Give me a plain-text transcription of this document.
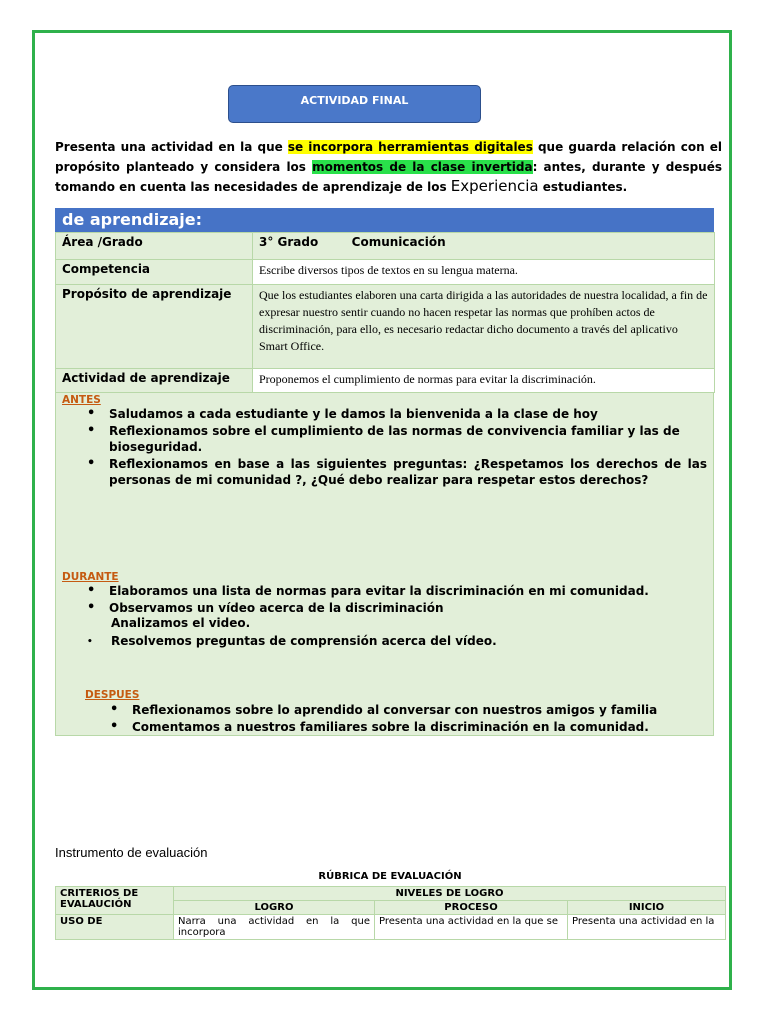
ACTIVIDAD FINAL
Presenta una actividad en la que se incorpora herramientas digitales que guarda relación con el propósito planteado y considera los momentos de la clase invertida: antes, durante y después tomando en cuenta las necesidades de aprendizaje de los Experiencia estudiantes.
de aprendizaje:
Área /Grado	3° Grado        Comunicación
Competencia	Escribe diversos tipos de textos en su lengua materna.
Propósito de aprendizaje	Que los estudiantes elaboren una carta dirigida a las autoridades de nuestra localidad, a fin de expresar nuestro sentir cuando no hacen respetar las normas que prohíben actos de discriminación, para ello, es necesario redactar dicho documento a través del aplicativo Smart Office.
Actividad de aprendizaje	Proponemos el cumplimiento de normas para evitar la discriminación.
ANTES
• Saludamos a cada estudiante y le damos la bienvenida a la clase de hoy
• Reflexionamos sobre el cumplimiento de las normas de convivencia familiar y las de bioseguridad.
• Reflexionamos en base a las siguientes preguntas: ¿Respetamos los derechos de las personas de mi comunidad ?, ¿Qué debo realizar para respetar estos derechos?
DURANTE
• Elaboramos una lista de normas para evitar la discriminación en mi comunidad.
• Observamos un vídeo acerca de la discriminación
Analizamos el video.
• Resolvemos preguntas de comprensión acerca del vídeo.
DESPUES
• Reflexionamos sobre lo aprendido al conversar con nuestros amigos y familia
• Comentamos a nuestros familiares sobre la discriminación en la comunidad.
Instrumento de evaluación
RÚBRICA DE EVALUACIÓN
CRITERIOS DE EVALAUCIÓN	NIVELES DE LOGRO		
	LOGRO	PROCESO	INICIO
USO DE	Narra una actividad en la que incorpora	Presenta una actividad en la que se	Presenta una actividad en la
